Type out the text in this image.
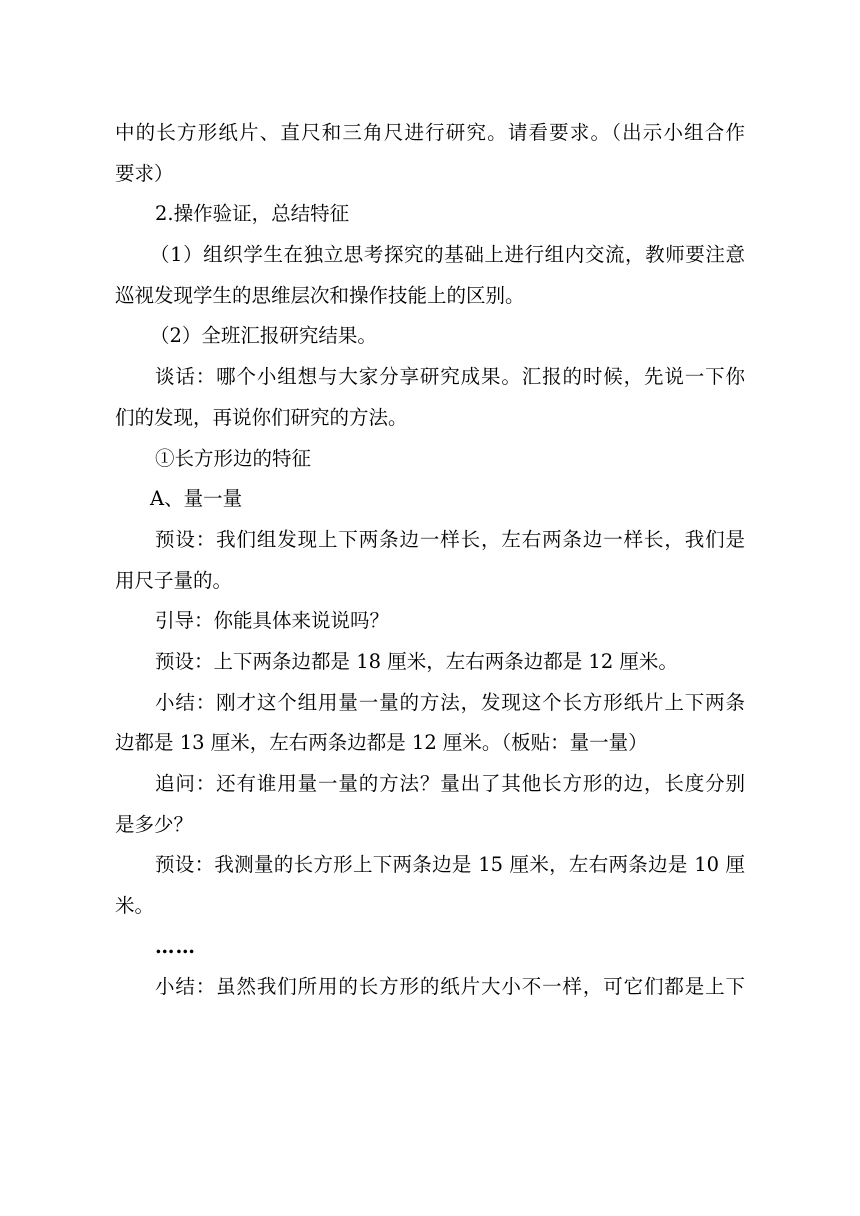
中的长方形纸片、直尺和三角尺进行研究。请看要求。（出示小组合作
要求）
2.操作验证，总结特征
（1）组织学生在独立思考探究的基础上进行组内交流，教师要注意
巡视发现学生的思维层次和操作技能上的区别。
（2）全班汇报研究结果。
谈话：哪个小组想与大家分享研究成果。汇报的时候，先说一下你
们的发现，再说你们研究的方法。
①长方形边的特征
A、量一量
预设：我们组发现上下两条边一样长，左右两条边一样长，我们是
用尺子量的。
引导：你能具体来说说吗？
预设：上下两条边都是 18 厘米，左右两条边都是 12 厘米。
小结：刚才这个组用量一量的方法，发现这个长方形纸片上下两条
边都是 13 厘米，左右两条边都是 12 厘米。（板贴：量一量）
追问：还有谁用量一量的方法？量出了其他长方形的边，长度分别
是多少？
预设：我测量的长方形上下两条边是 15 厘米，左右两条边是 10 厘
米。
……
小结：虽然我们所用的长方形的纸片大小不一样，可它们都是上下
